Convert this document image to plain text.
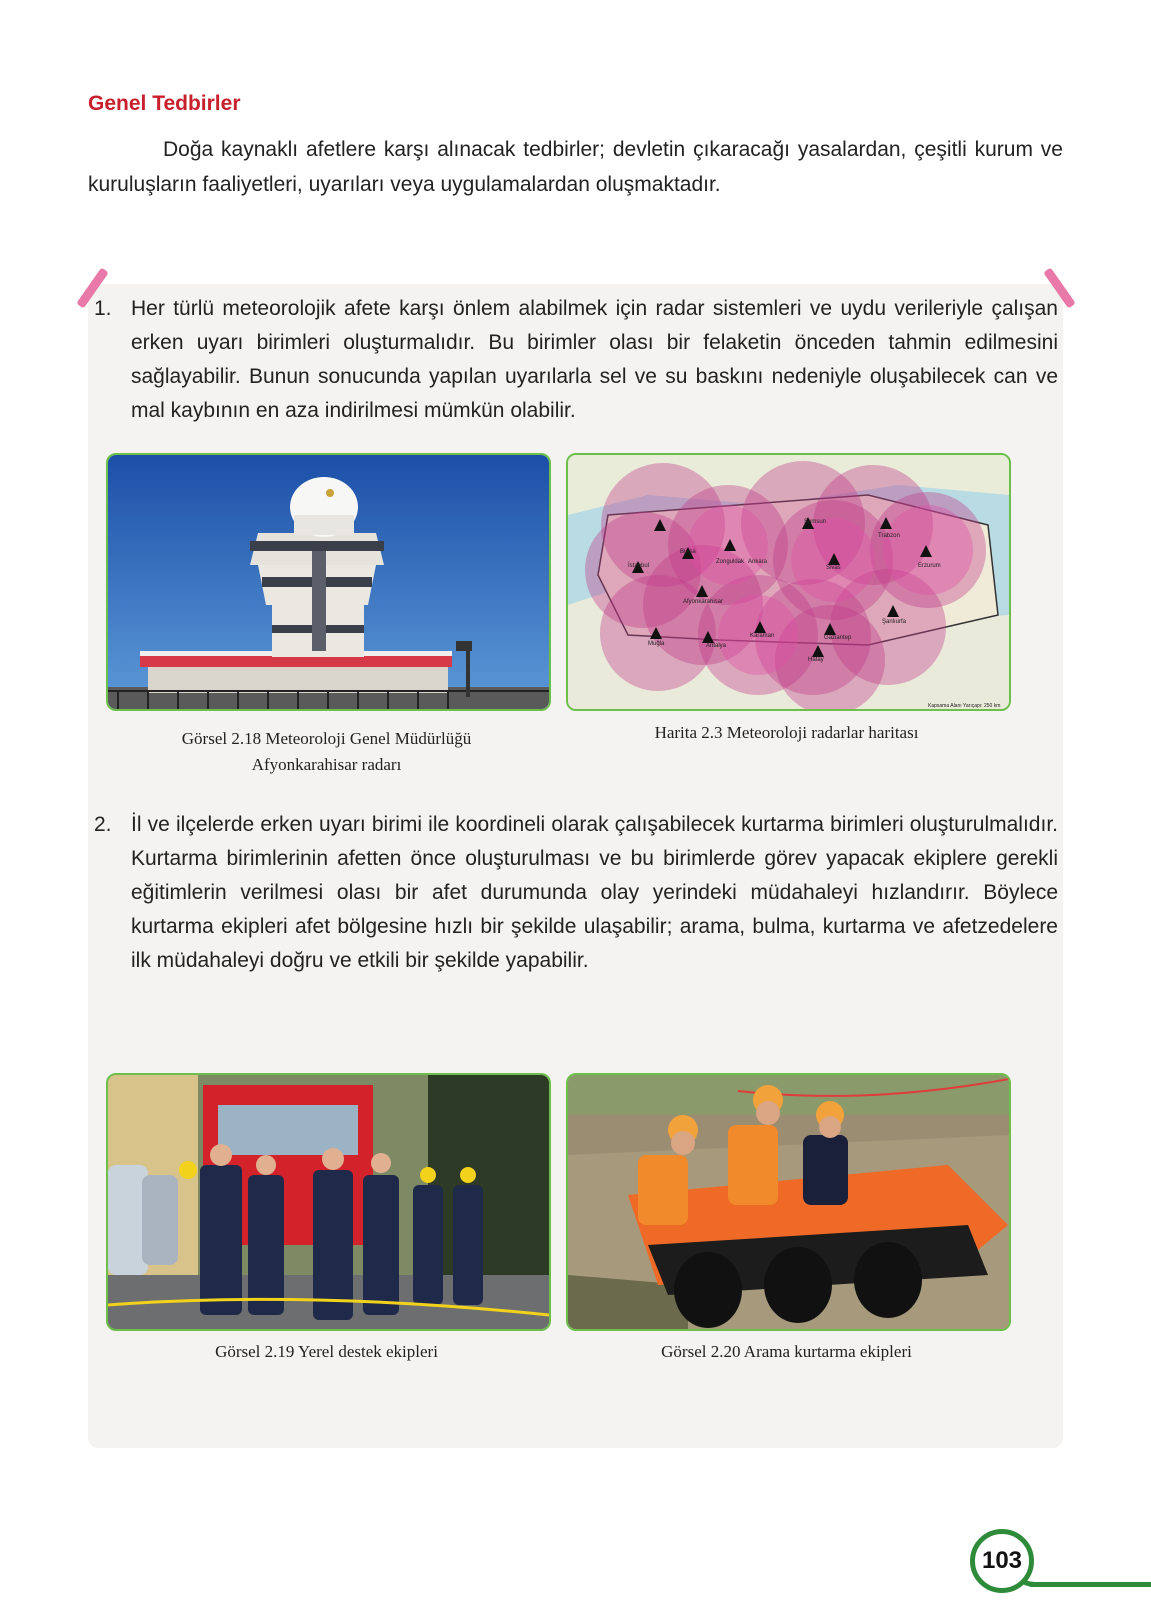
Genel Tedbirler

Doğa kaynaklı afetlere karşı alınacak tedbirler; devletin çıkaracağı yasalardan, çeşitli kurum ve kuruluşların faaliyetleri, uyarıları veya uygulamalardan oluşmaktadır.

1. Her türlü meteorolojik afete karşı önlem alabilmek için radar sistemleri ve uydu verileriyle çalışan erken uyarı birimleri oluşturmalıdır. Bu birimler olası bir felaketin önceden tahmin edilmesini sağlayabilir. Bunun sonucunda yapılan uyarılarla sel ve su baskını nedeniyle oluşabilecek can ve mal kaybının en aza indirilmesi mümkün olabilir.
Zonguldak
Samsun
Trabzon
Erzurum
Sivas
Ankara
Afyonkarahisar
Bursa
İstanbul
Muğla	Antalya
Karaman
Hatay
Gaziantep
Şanlıurfa
Kapsama Alanı Yarıçapı: 250 km
Görsel 2.18 Meteoroloji Genel Müdürlüğü
Afyonkarahisar radarı
Harita 2.3 Meteoroloji radarlar haritası
2. İl ve ilçelerde erken uyarı birimi ile koordineli olarak çalışabilecek kurtarma birimleri oluşturulmalıdır. Kurtarma birimlerinin afetten önce oluşturulması ve bu birimlerde görev yapacak ekiplere gerekli eğitimlerin verilmesi olası bir afet durumunda olay yerindeki müdahaleyi hızlandırır. Böylece kurtarma ekipleri afet bölgesine hızlı bir şekilde ulaşabilir; arama, bulma, kurtarma ve afetzedelere ilk müdahaleyi doğru ve etkili bir şekilde yapabilir.
Görsel 2.19 Yerel destek ekipleri	Görsel 2.20 Arama kurtarma ekipleri
103
